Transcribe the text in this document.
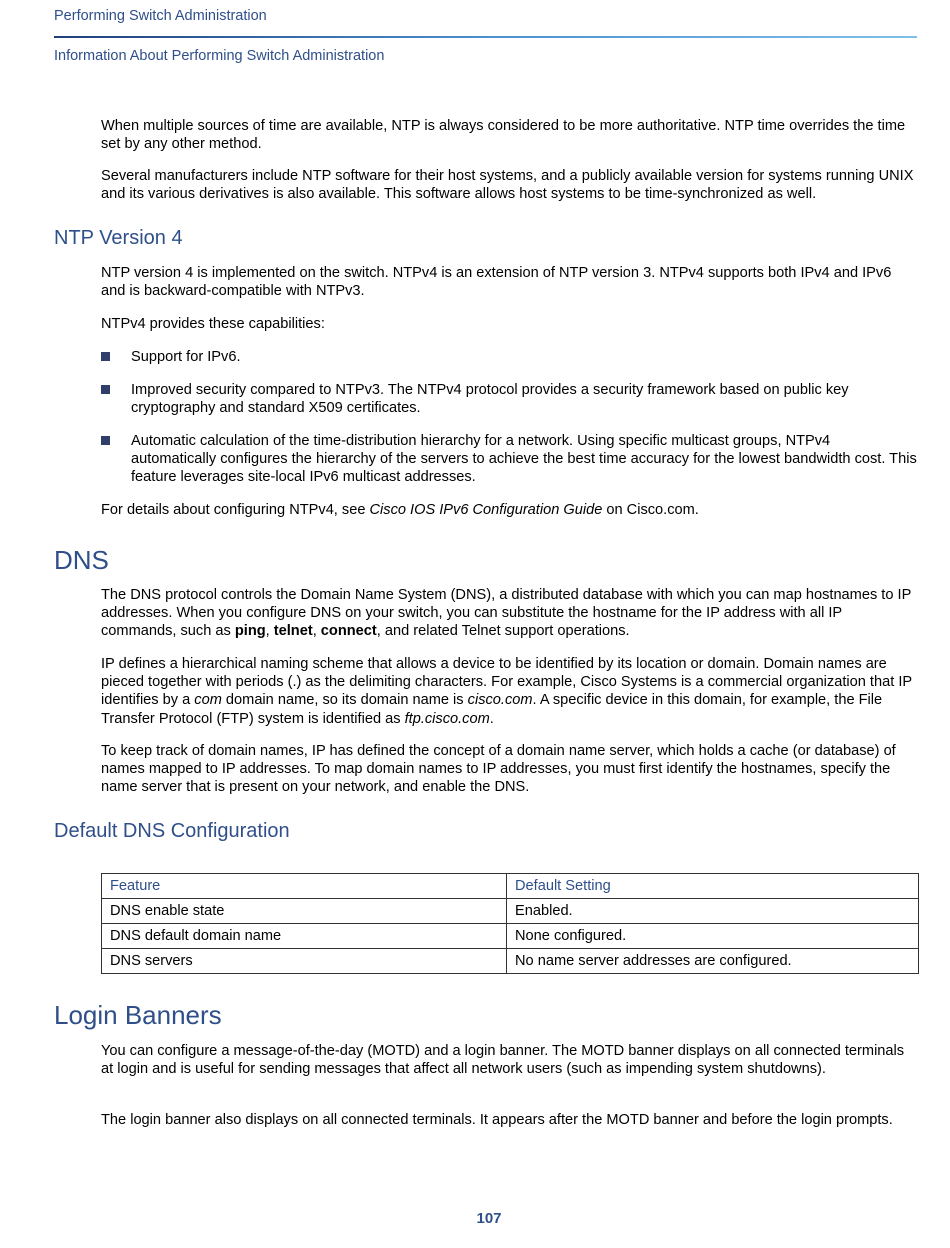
Performing Switch Administration
Information About Performing Switch Administration

When multiple sources of time are available, NTP is always considered to be more authoritative. NTP time overrides the time set by any other method.

Several manufacturers include NTP software for their host systems, and a publicly available version for systems running UNIX and its various derivatives is also available. This software allows host systems to be time-synchronized as well.

NTP Version 4

NTP version 4 is implemented on the switch. NTPv4 is an extension of NTP version 3. NTPv4 supports both IPv4 and IPv6 and is backward-compatible with NTPv3.

NTPv4 provides these capabilities:

Support for IPv6.
Improved security compared to NTPv3. The NTPv4 protocol provides a security framework based on public key cryptography and standard X509 certificates.
Automatic calculation of the time-distribution hierarchy for a network. Using specific multicast groups, NTPv4 automatically configures the hierarchy of the servers to achieve the best time accuracy for the lowest bandwidth cost. This feature leverages site-local IPv6 multicast addresses.

For details about configuring NTPv4, see Cisco IOS IPv6 Configuration Guide on Cisco.com.

DNS

The DNS protocol controls the Domain Name System (DNS), a distributed database with which you can map hostnames to IP addresses. When you configure DNS on your switch, you can substitute the hostname for the IP address with all IP commands, such as ping, telnet, connect, and related Telnet support operations.

IP defines a hierarchical naming scheme that allows a device to be identified by its location or domain. Domain names are pieced together with periods (.) as the delimiting characters. For example, Cisco Systems is a commercial organization that IP identifies by a com domain name, so its domain name is cisco.com. A specific device in this domain, for example, the File Transfer Protocol (FTP) system is identified as ftp.cisco.com.

To keep track of domain names, IP has defined the concept of a domain name server, which holds a cache (or database) of names mapped to IP addresses. To map domain names to IP addresses, you must first identify the hostnames, specify the name server that is present on your network, and enable the DNS.

Default DNS Configuration
Feature	Default Setting
DNS enable state	Enabled.
DNS default domain name	None configured.
DNS servers	No name server addresses are configured.
Login Banners

You can configure a message-of-the-day (MOTD) and a login banner. The MOTD banner displays on all connected terminals at login and is useful for sending messages that affect all network users (such as impending system shutdowns).

The login banner also displays on all connected terminals. It appears after the MOTD banner and before the login prompts.

107
